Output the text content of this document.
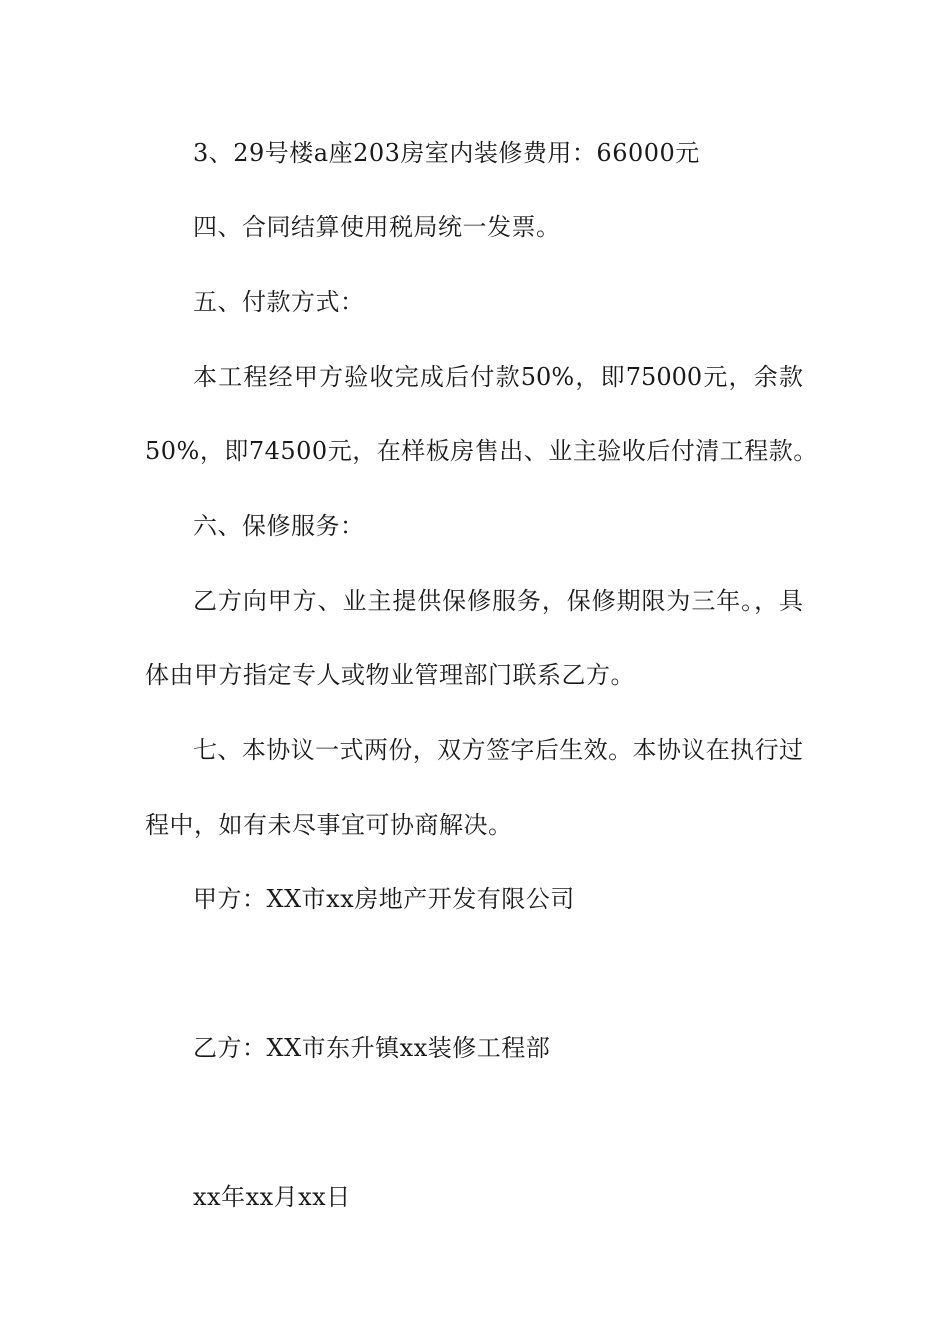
3、29号楼a座203房室内装修费用：66000元
四、合同结算使用税局统一发票。
五、付款方式：
本工程经甲方验收完成后付款50%，即75000元，余款
50%，即74500元，在样板房售出、业主验收后付清工程款。
六、保修服务：
乙方向甲方、业主提供保修服务，保修期限为三年。，具
体由甲方指定专人或物业管理部门联系乙方。
七、本协议一式两份，双方签字后生效。本协议在执行过
程中，如有未尽事宜可协商解决。
甲方：XX市xx房地产开发有限公司
乙方：XX市东升镇xx装修工程部
xx年xx月xx日
